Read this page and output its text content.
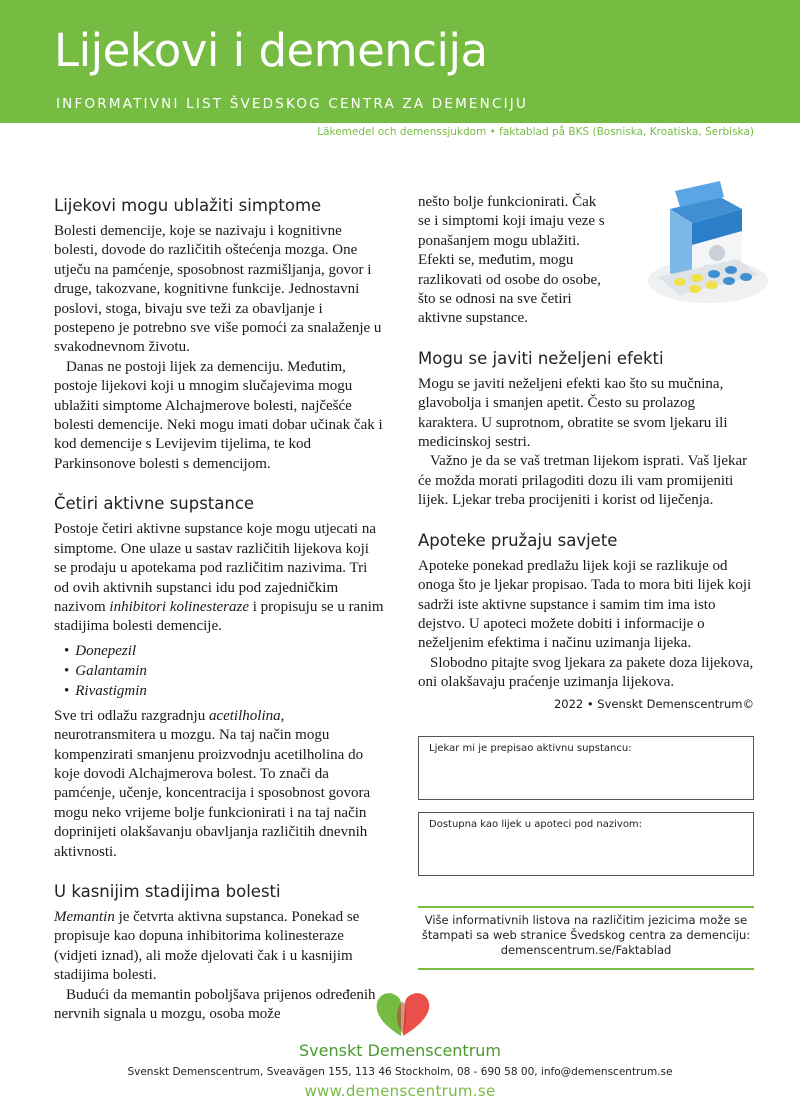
Lijekovi i demencija
INFORMATIVNI LIST ŠVEDSKOG CENTRA ZA DEMENCIJU
Läkemedel och demenssjukdom • faktablad på BKS (Bosniska, Kroatiska, Serbiska)
Lijekovi mogu ublažiti simptome

Bolesti demencije, koje se nazivaju i kognitivne bolesti, dovode do različitih oštećenja mozga. One utječu na pamćenje, sposobnost razmišljanja, govor i druge, takozvane, kognitivne funkcije. Jednostavni poslovi, stoga, bivaju sve teži za obavljanje i postepeno je potrebno sve više pomoći za snalaženje u svakodnevnom životu.

Danas ne postoji lijek za demenciju. Međutim, postoje lijekovi koji u mnogim slučajevima mogu ublažiti simptome Alchajmerove bolesti, najčešće bolesti demencije. Neki mogu imati dobar učinak čak i kod demencije s Levijevim tijelima, te kod Parkinsonove bolesti s demencijom.

Četiri aktivne supstance

Postoje četiri aktivne supstance koje mogu utjecati na simptome. One ulaze u sastav različitih lijekova koji se prodaju u apotekama pod različitim nazivima. Tri od ovih aktivnih supstanci idu pod zajedničkim nazivom inhibitori kolinesteraze i propisuju se u ranim stadijima bolesti demencije.

• Donepezil
• Galantamin
• Rivastigmin

Sve tri odlažu razgradnju acetilholina, neurotransmitera u mozgu. Na taj način mogu kompenzirati smanjenu proizvodnju acetilholina do koje dovodi Alchajmerova bolest. To znači da pamćenje, učenje, koncentracija i sposobnost govora mogu neko vrijeme bolje funkcionirati i na taj način doprinijeti olakšavanju obavljanja različitih dnevnih aktivnosti.

U kasnijim stadijima bolesti

Memantin je četvrta aktivna supstanca. Ponekad se propisuje kao dopuna inhibitorima kolinesteraze (vidjeti iznad), ali može djelovati čak i u kasnijim stadijima bolesti.

Budući da memantin poboljšava prijenos određenih nervnih signala u mozgu, osoba može

nešto bolje funkcionirati. Čak se i simptomi koji imaju veze s ponašanjem mogu ublažiti. Efekti se, međutim, mogu razlikovati od osobe do osobe, što se odnosi na sve četiri aktivne supstance.

Mogu se javiti neželjeni efekti

Mogu se javiti neželjeni efekti kao što su mučnina, glavobolja i smanjen apetit. Često su prolazog karaktera. U suprotnom, obratite se svom ljekaru ili medicinskoj sestri.

Važno je da se vaš tretman lijekom isprati. Vaš ljekar će možda morati prilagoditi dozu ili vam promijeniti lijek. Ljekar treba procijeniti i korist od liječenja.

Apoteke pružaju savjete

Apoteke ponekad predlažu lijek koji se razlikuje od onoga što je ljekar propisao. Tada to mora biti lijek koji sadrži iste aktivne supstance i samim tim ima isto dejstvo. U apoteci možete dobiti i informacije o neželjenim efektima i načinu uzimanja lijeka.

Slobodno pitajte svog ljekara za pakete doza lijekova, oni olakšavaju praćenje uzimanja lijekova.

2022 • Svenskt Demenscentrum©
Ljekar mi je prepisao aktivnu supstancu:
Dostupna kao lijek u apoteci pod nazivom:
Više informativnih listova na različitim jezicima može se
štampati sa web stranice Švedskog centra za demenciju:
demenscentrum.se/Faktablad
Svenskt Demenscentrum
Svenskt Demenscentrum, Sveavägen 155, 113 46 Stockholm, 08 - 690 58 00, info@demenscentrum.se
www.demenscentrum.se
